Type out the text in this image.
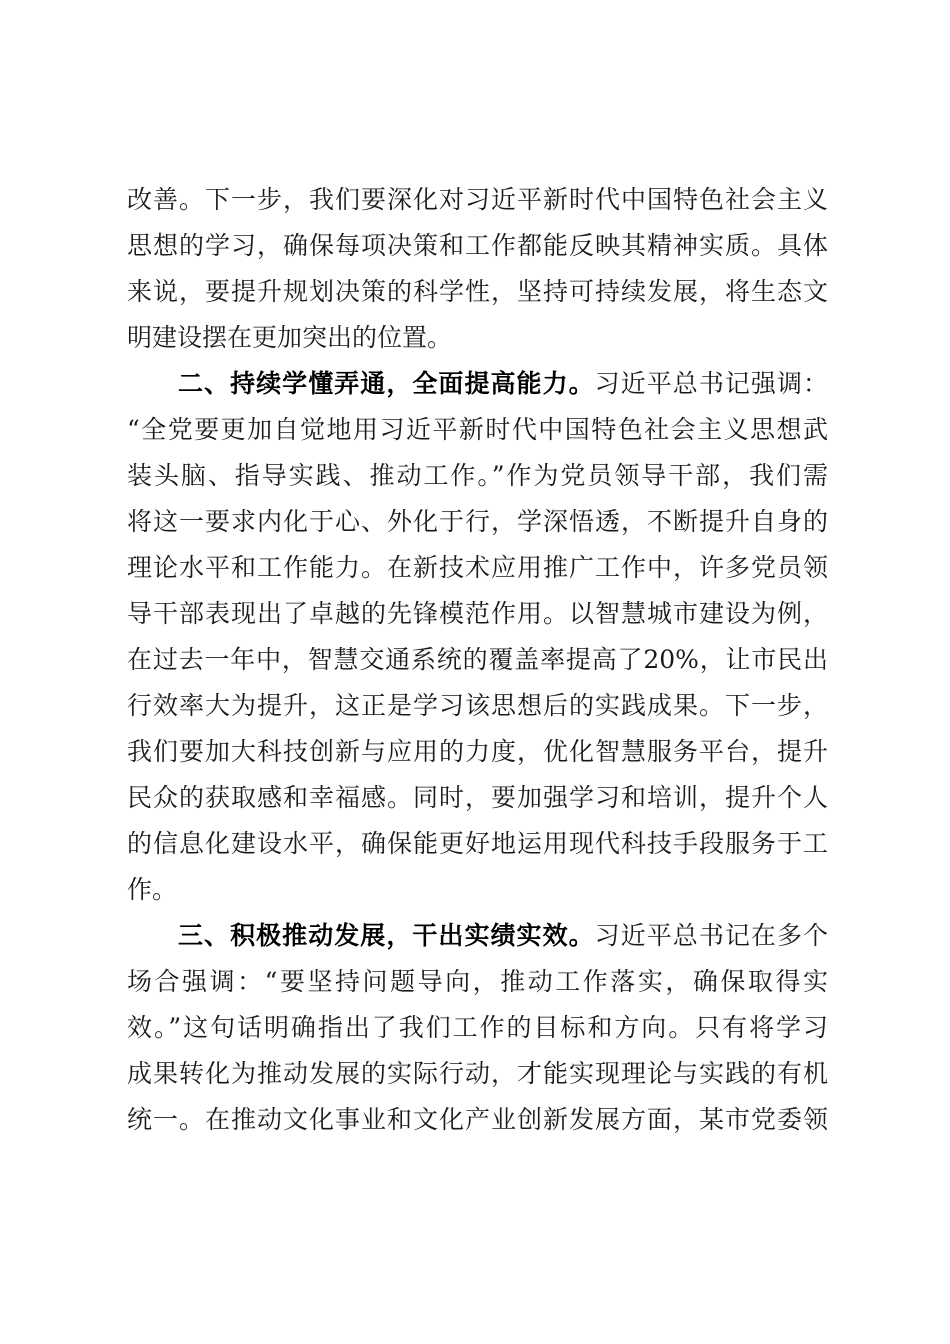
改善。下一步，我们要深化对习近平新时代中国特色社会主义
思想的学习，确保每项决策和工作都能反映其精神实质。具体
来说，要提升规划决策的科学性，坚持可持续发展，将生态文
明建设摆在更加突出的位置。
二、持续学懂弄通，全面提高能力。习近平总书记强调：
“全党要更加自觉地用习近平新时代中国特色社会主义思想武
装头脑、指导实践、推动工作。”作为党员领导干部，我们需
将这一要求内化于心、外化于行，学深悟透，不断提升自身的
理论水平和工作能力。在新技术应用推广工作中，许多党员领
导干部表现出了卓越的先锋模范作用。以智慧城市建设为例，
在过去一年中，智慧交通系统的覆盖率提高了20%，让市民出
行效率大为提升，这正是学习该思想后的实践成果。下一步，
我们要加大科技创新与应用的力度，优化智慧服务平台，提升
民众的获取感和幸福感。同时，要加强学习和培训，提升个人
的信息化建设水平，确保能更好地运用现代科技手段服务于工
作。
三、积极推动发展，干出实绩实效。习近平总书记在多个
场合强调：“要坚持问题导向，推动工作落实，确保取得实
效。”这句话明确指出了我们工作的目标和方向。只有将学习
成果转化为推动发展的实际行动，才能实现理论与实践的有机
统一。在推动文化事业和文化产业创新发展方面，某市党委领
